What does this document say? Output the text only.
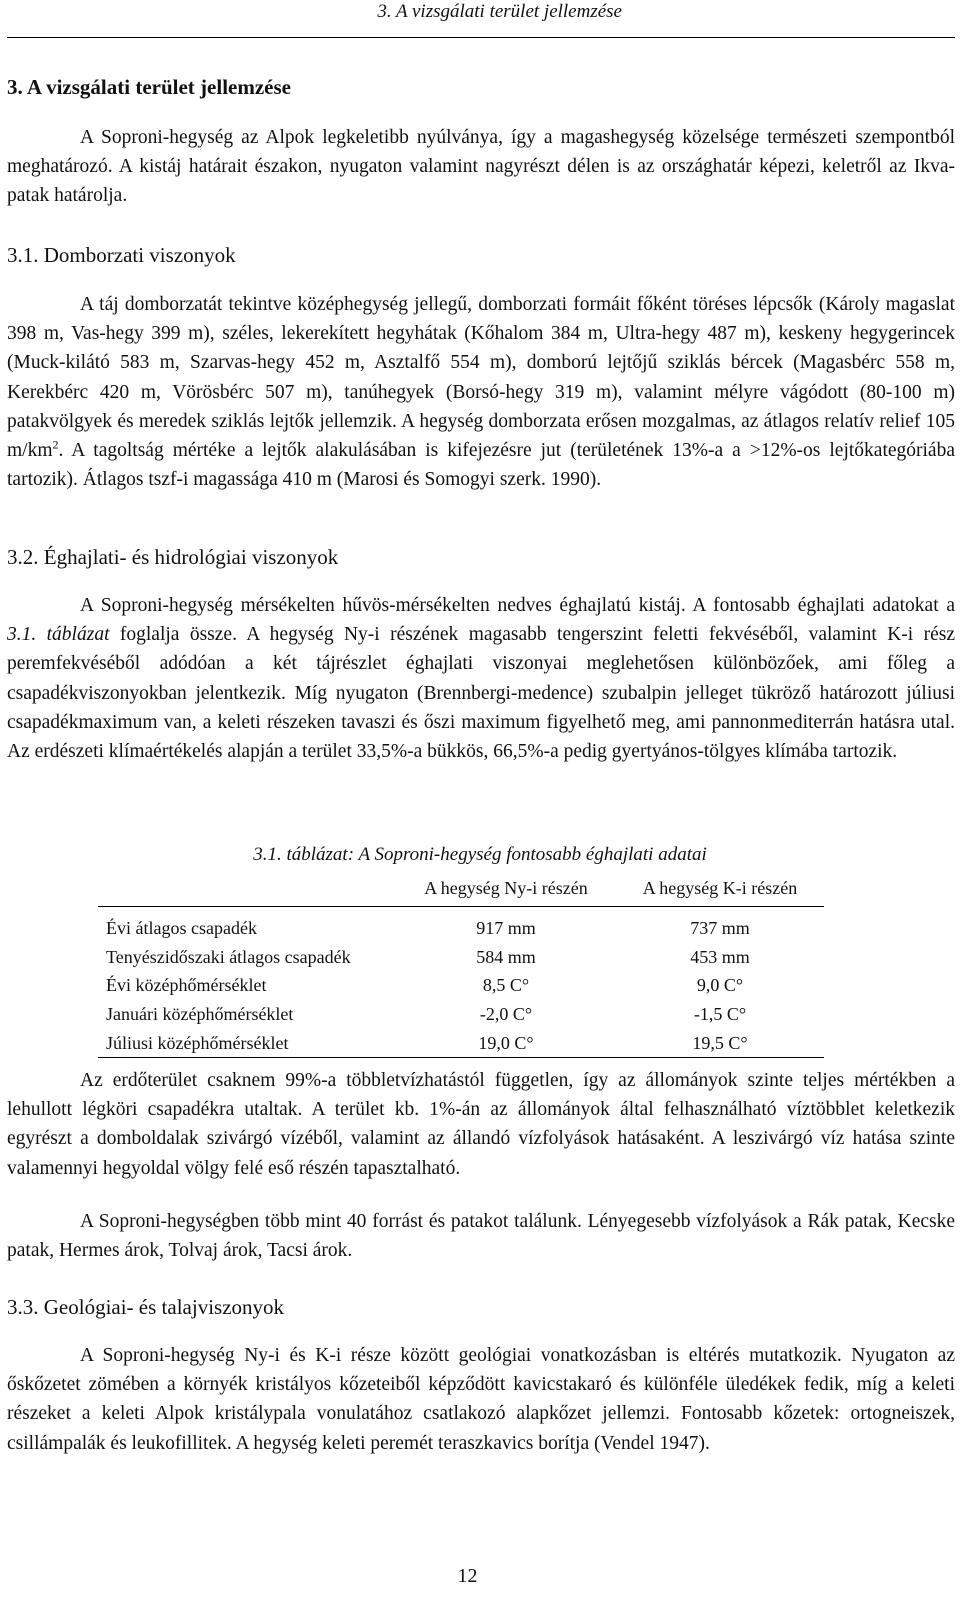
3. A vizsgálati terület jellemzése
3. A vizsgálati terület jellemzése

A Soproni-hegység az Alpok legkeletibb nyúlványa, így a magashegység közelsége természeti szempontból meghatározó. A kistáj határait északon, nyugaton valamint nagyrészt délen is az országhatár képezi, keletről az Ikva-patak határolja.

3.1. Domborzati viszonyok

A táj domborzatát tekintve középhegység jellegű, domborzati formáit főként töréses lépcsők (Károly magaslat 398 m, Vas-hegy 399 m), széles, lekerekített hegyhátak (Kőhalom 384 m, Ultra-hegy 487 m), keskeny hegygerincek (Muck-kilátó 583 m, Szarvas-hegy 452 m, Asztalfő 554 m), domború lejtőjű sziklás bércek (Magasbérc 558 m, Kerekbérc 420 m, Vörösbérc 507 m), tanúhegyek (Borsó-hegy 319 m), valamint mélyre vágódott (80-100 m) patakvölgyek és meredek sziklás lejtők jellemzik. A hegység domborzata erősen mozgalmas, az átlagos relatív relief 105 $m/km^2$. A tagoltság mértéke a lejtők alakulásában is kifejezésre jut (területének 13%-a a >12%-os lejtőkategóriába tartozik). Átlagos tszf-i magassága 410 m (Marosi és Somogyi szerk. 1990).

3.2. Éghajlati- és hidrológiai viszonyok

A Soproni-hegység mérsékelten hűvös-mérsékelten nedves éghajlatú kistáj. A fontosabb éghajlati adatokat a 3.1. táblázat foglalja össze. A hegység Ny-i részének magasabb tengerszint feletti fekvéséből, valamint K-i rész peremfekvéséből adódóan a két tájrészlet éghajlati viszonyai meglehetősen különbözőek, ami főleg a csapadékviszonyokban jelentkezik. Míg nyugaton (Brennbergi-medence) szubalpin jelleget tükröző határozott júliusi csapadékmaximum van, a keleti részeken tavaszi és őszi maximum figyelhető meg, ami pannonmediterrán hatásra utal. Az erdészeti klímaértékelés alapján a terület 33,5%-a bükkös, 66,5%-a pedig gyertyános-tölgyes klímába tartozik.

3.1. táblázat: A Soproni-hegység fontosabb éghajlati adatai
	A hegység Ny-i részén	A hegység K-i részén
Évi átlagos csapadék	917 mm	737 mm
Tenyészidőszaki átlagos csapadék	584 mm	453 mm
Évi középhőmérséklet	8,5 C°	9,0 C°
Januári középhőmérséklet	-2,0 C°	-1,5 C°
Júliusi középhőmérséklet	19,0 C°	19,5 C°

Az erdőterület csaknem 99%-a többletvízhatástól független, így az állományok szinte teljes mértékben a lehullott légköri csapadékra utaltak. A terület kb. 1%-án az állományok által felhasználható víztöbblet keletkezik egyrészt a domboldalak szivárgó vízéből, valamint az állandó vízfolyások hatásaként. A leszivárgó víz hatása szinte valamennyi hegyoldal völgy felé eső részén tapasztalható.

A Soproni-hegységben több mint 40 forrást és patakot találunk. Lényegesebb vízfolyások a Rák patak, Kecske patak, Hermes árok, Tolvaj árok, Tacsi árok.

3.3. Geológiai- és talajviszonyok

A Soproni-hegység Ny-i és K-i része között geológiai vonatkozásban is eltérés mutatkozik. Nyugaton az őskőzetet zömében a környék kristályos kőzeteiből képződött kavicstakaró és különféle üledékek fedik, míg a keleti részeket a keleti Alpok kristálypala vonulatához csatlakozó alapkőzet jellemzi. Fontosabb kőzetek: ortogneiszek, csillámpalák és leukofillitek. A hegység keleti peremét teraszkavics borítja (Vendel 1947).

12
